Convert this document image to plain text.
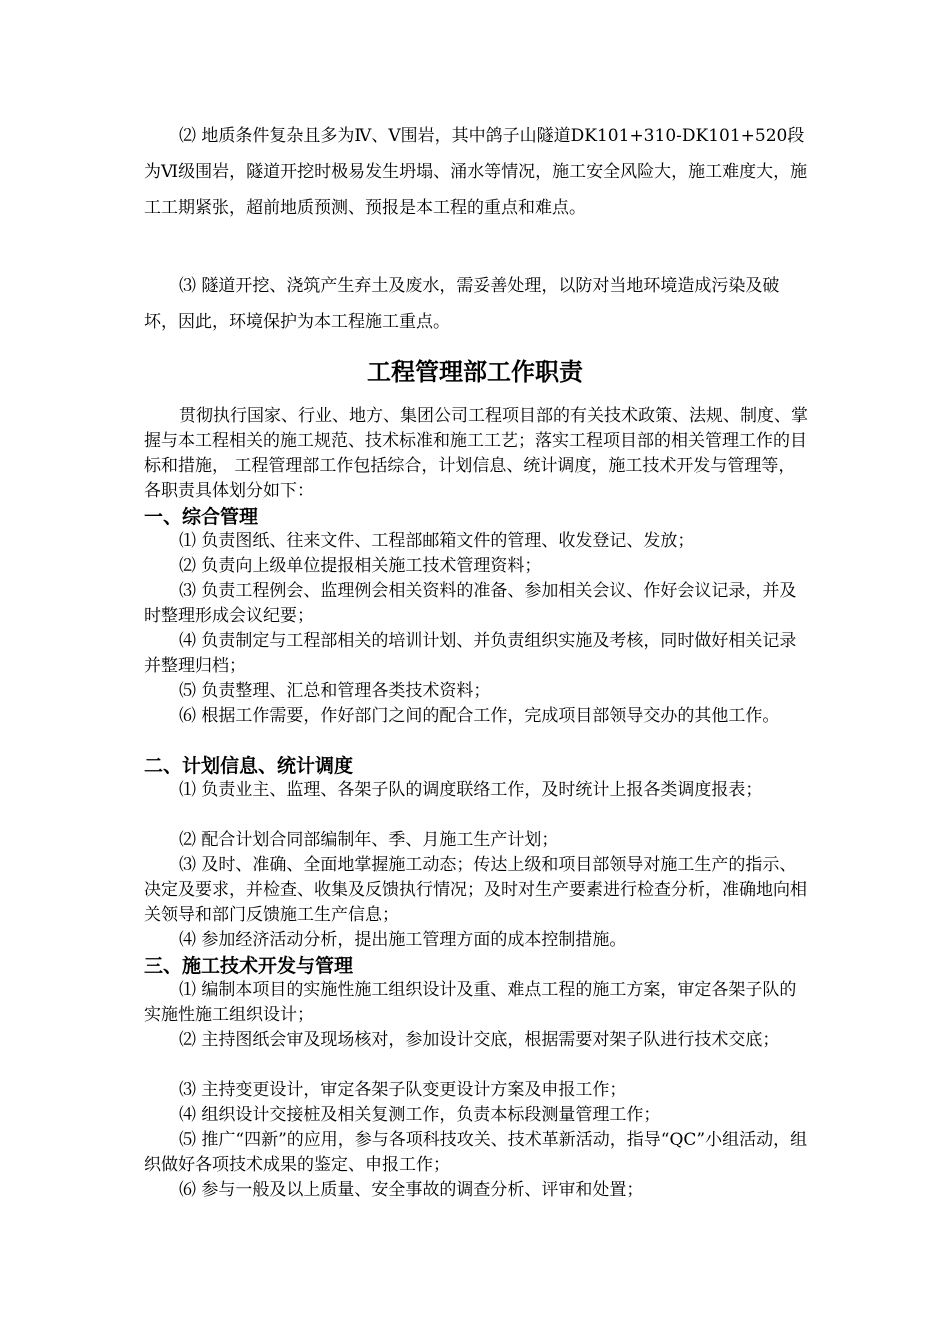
⑵ 地质条件复杂且多为Ⅳ、Ⅴ围岩，其中鸽子山隧道DK101+310-DK101+520段为Ⅵ级围岩，隧道开挖时极易发生坍塌、涌水等情况，施工安全风险大，施工难度大，施工工期紧张，超前地质预测、预报是本工程的重点和难点。

⑶ 隧道开挖、浇筑产生弃土及废水，需妥善处理，以防对当地环境造成污染及破坏，因此，环境保护为本工程施工重点。

工程管理部工作职责

贯彻执行国家、行业、地方、集团公司工程项目部的有关技术政策、法规、制度、掌握与本工程相关的施工规范、技术标准和施工工艺；落实工程项目部的相关管理工作的目标和措施， 工程管理部工作包括综合，计划信息、统计调度，施工技术开发与管理等，各职责具体划分如下：

一、综合管理

⑴ 负责图纸、往来文件、工程部邮箱文件的管理、收发登记、发放；

⑵ 负责向上级单位提报相关施工技术管理资料；

⑶ 负责工程例会、监理例会相关资料的准备、参加相关会议、作好会议记录，并及时整理形成会议纪要；

⑷ 负责制定与工程部相关的培训计划、并负责组织实施及考核，同时做好相关记录并整理归档；

⑸ 负责整理、汇总和管理各类技术资料；

⑹ 根据工作需要，作好部门之间的配合工作，完成项目部领导交办的其他工作。

二、计划信息、统计调度

⑴ 负责业主、监理、各架子队的调度联络工作，及时统计上报各类调度报表；

⑵ 配合计划合同部编制年、季、月施工生产计划；

⑶ 及时、准确、全面地掌握施工动态；传达上级和项目部领导对施工生产的指示、决定及要求，并检查、收集及反馈执行情况；及时对生产要素进行检查分析，准确地向相关领导和部门反馈施工生产信息；

⑷ 参加经济活动分析，提出施工管理方面的成本控制措施。

三、施工技术开发与管理

⑴ 编制本项目的实施性施工组织设计及重、难点工程的施工方案，审定各架子队的实施性施工组织设计；

⑵ 主持图纸会审及现场核对，参加设计交底，根据需要对架子队进行技术交底；

⑶ 主持变更设计，审定各架子队变更设计方案及申报工作；

⑷ 组织设计交接桩及相关复测工作，负责本标段测量管理工作；

⑸ 推广“四新”的应用，参与各项科技攻关、技术革新活动，指导“QC”小组活动，组织做好各项技术成果的鉴定、申报工作；

⑹ 参与一般及以上质量、安全事故的调查分析、评审和处置；
